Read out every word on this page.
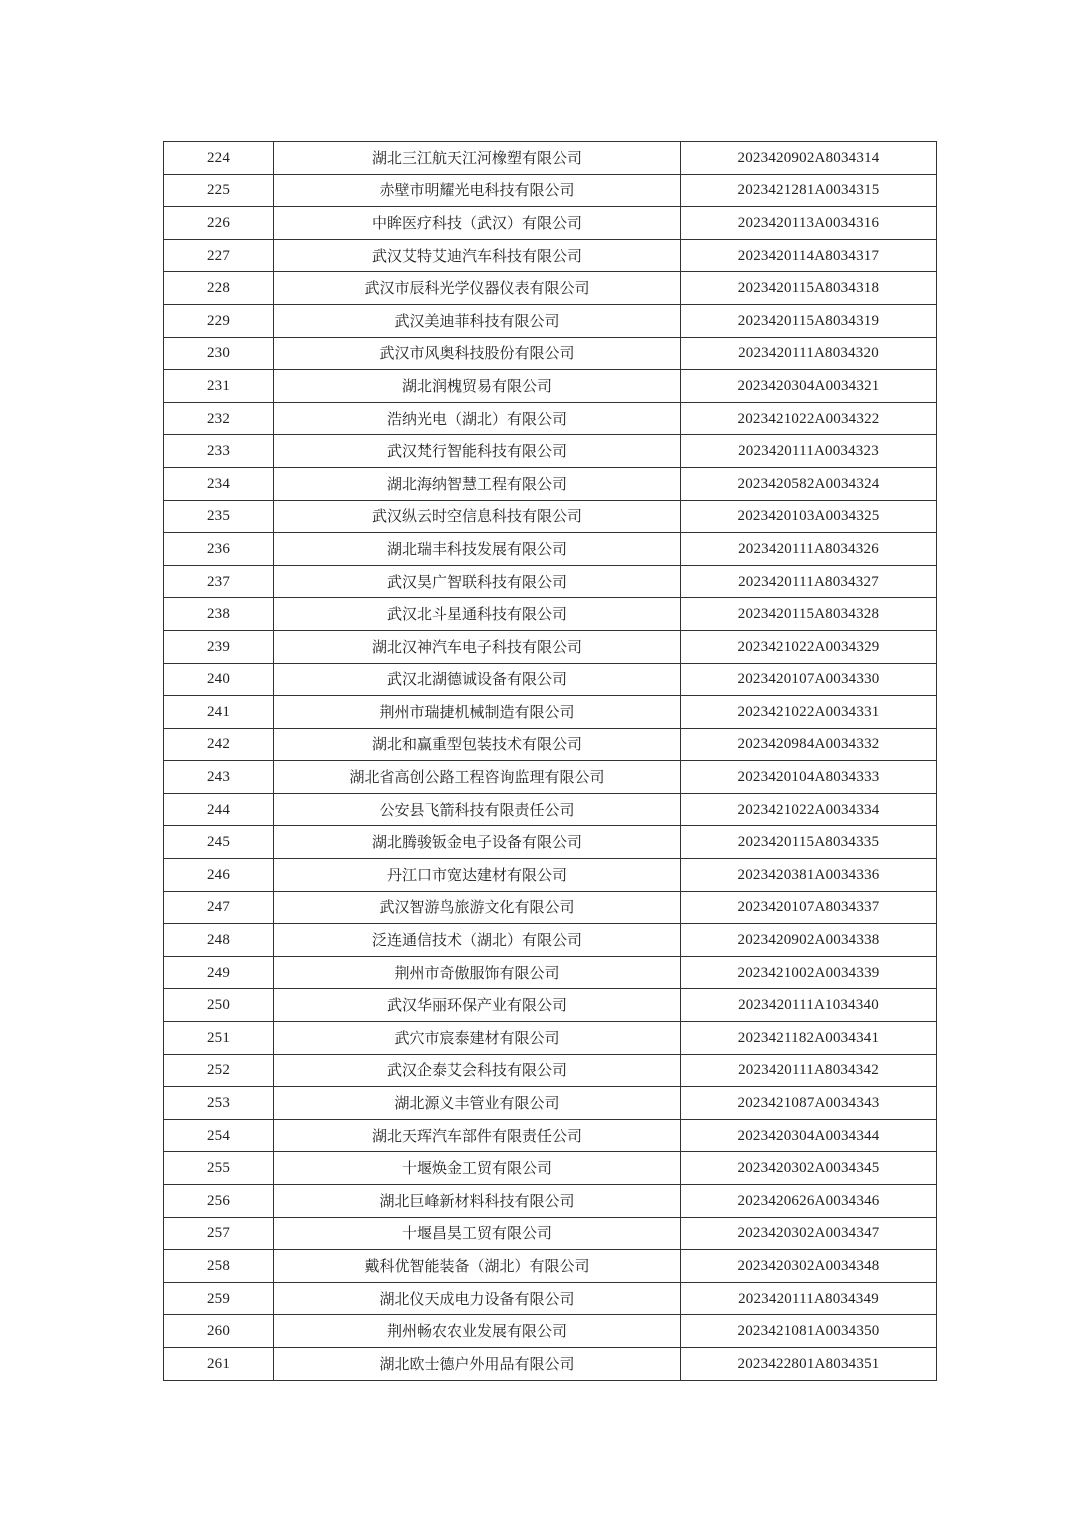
224	湖北三江航天江河橡塑有限公司	2023420902A8034314
225	赤壁市明耀光电科技有限公司	2023421281A0034315
226	中眸医疗科技（武汉）有限公司	2023420113A0034316
227	武汉艾特艾迪汽车科技有限公司	2023420114A8034317
228	武汉市辰科光学仪器仪表有限公司	2023420115A8034318
229	武汉美迪菲科技有限公司	2023420115A8034319
230	武汉市风奥科技股份有限公司	2023420111A8034320
231	湖北润槐贸易有限公司	2023420304A0034321
232	浩纳光电（湖北）有限公司	2023421022A0034322
233	武汉梵行智能科技有限公司	2023420111A0034323
234	湖北海纳智慧工程有限公司	2023420582A0034324
235	武汉纵云时空信息科技有限公司	2023420103A0034325
236	湖北瑞丰科技发展有限公司	2023420111A8034326
237	武汉昊广智联科技有限公司	2023420111A8034327
238	武汉北斗星通科技有限公司	2023420115A8034328
239	湖北汉神汽车电子科技有限公司	2023421022A0034329
240	武汉北湖德诚设备有限公司	2023420107A0034330
241	荆州市瑞捷机械制造有限公司	2023421022A0034331
242	湖北和赢重型包装技术有限公司	2023420984A0034332
243	湖北省高创公路工程咨询监理有限公司	2023420104A8034333
244	公安县飞箭科技有限责任公司	2023421022A0034334
245	湖北腾骏钣金电子设备有限公司	2023420115A8034335
246	丹江口市宽达建材有限公司	2023420381A0034336
247	武汉智游鸟旅游文化有限公司	2023420107A8034337
248	泛连通信技术（湖北）有限公司	2023420902A0034338
249	荆州市奇傲服饰有限公司	2023421002A0034339
250	武汉华丽环保产业有限公司	2023420111A1034340
251	武穴市宸泰建材有限公司	2023421182A0034341
252	武汉企泰艾会科技有限公司	2023420111A8034342
253	湖北源义丰管业有限公司	2023421087A0034343
254	湖北天珲汽车部件有限责任公司	2023420304A0034344
255	十堰焕金工贸有限公司	2023420302A0034345
256	湖北巨峰新材料科技有限公司	2023420626A0034346
257	十堰昌昊工贸有限公司	2023420302A0034347
258	戴科优智能装备（湖北）有限公司	2023420302A0034348
259	湖北仪天成电力设备有限公司	2023420111A8034349
260	荆州畅农农业发展有限公司	2023421081A0034350
261	湖北欧士德户外用品有限公司	2023422801A8034351
